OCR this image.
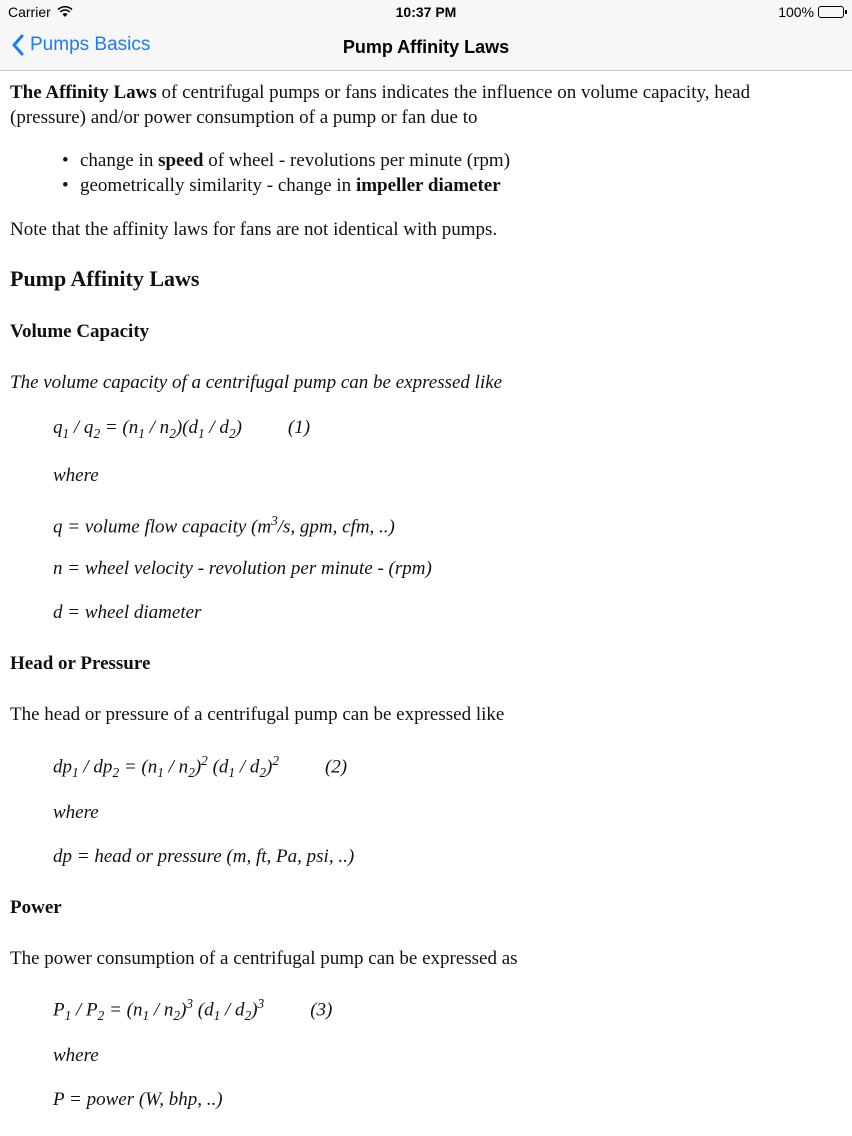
Carrier	10:37 PM	100%
Pumps Basics	Pump Affinity Laws
The Affinity Laws of centrifugal pumps or fans indicates the influence on volume capacity, head (pressure) and/or power consumption of a pump or fan due to
• change in speed of wheel - revolutions per minute (rpm)
• geometrically similarity - change in impeller diameter
Note that the affinity laws for fans are not identical with pumps.
Pump Affinity Laws
Volume Capacity
The volume capacity of a centrifugal pump can be expressed like
$q_1 / q_2 = (n_1 / n_2)(d_1 / d_2)$ (1)
where
q = volume flow capacity ($m^3/s$, gpm, cfm, ..)
n = wheel velocity - revolution per minute - (rpm)
d = wheel diameter
Head or Pressure
The head or pressure of a centrifugal pump can be expressed like
$dp_1 / dp_2 = (n_1 / n_2)^2$ $(d_1 / d_2)^2$ (2)
where
dp = head or pressure (m, ft, Pa, psi, ..)
Power
The power consumption of a centrifugal pump can be expressed as
$P_1 / P_2 = (n_1 / n_2)^3$ $(d_1 / d_2)^3$ (3)
where
P = power (W, bhp, ..)
